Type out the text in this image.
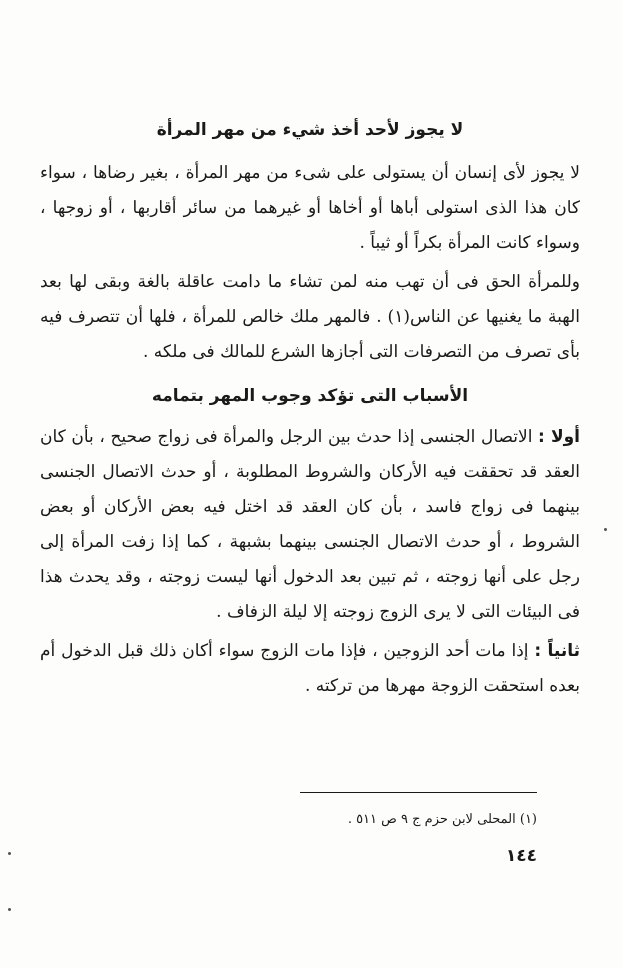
لا يجوز لأحد أخذ شيء من مهر المرأة

لا يجوز لأى إنسان أن يستولى على شىء من مهر المرأة ، بغير رضاها ، سواء كان هذا الذى استولى أباها أو أخاها أو غيرهما من سائر أقاربها ، أو زوجها ، وسواء كانت المرأة بكراً أو ثيباً .

وللمرأة الحق فى أن تهب منه لمن تشاء ما دامت عاقلة بالغة وبقى لها بعد الهبة ما يغنيها عن الناس(١) . فالمهر ملك خالص للمرأة ، فلها أن تتصرف فيه بأى تصرف من التصرفات التى أجازها الشرع للمالك فى ملكه .

الأسباب التى تؤكد وجوب المهر بتمامه

أولا : الاتصال الجنسى إذا حدث بين الرجل والمرأة فى زواج صحيح ، بأن كان العقد قد تحققت فيه الأركان والشروط المطلوبة ، أو حدث الاتصال الجنسى بينهما فى زواج فاسد ، بأن كان العقد قد اختل فيه بعض الأركان أو بعض الشروط ، أو حدث الاتصال الجنسى بينهما بشبهة ، كما إذا زفت المرأة إلى رجل على أنها زوجته ، ثم تبين بعد الدخول أنها ليست زوجته ، وقد يحدث هذا فى البيئات التى لا يرى الزوج زوجته إلا ليلة الزفاف .

ثانياً : إذا مات أحد الزوجين ، فإذا مات الزوج سواء أكان ذلك قبل الدخول أم بعده استحقت الزوجة مهرها من تركته .

(١) المحلى لابن حزم ج ٩ ص ٥١١ .
١٤٤
